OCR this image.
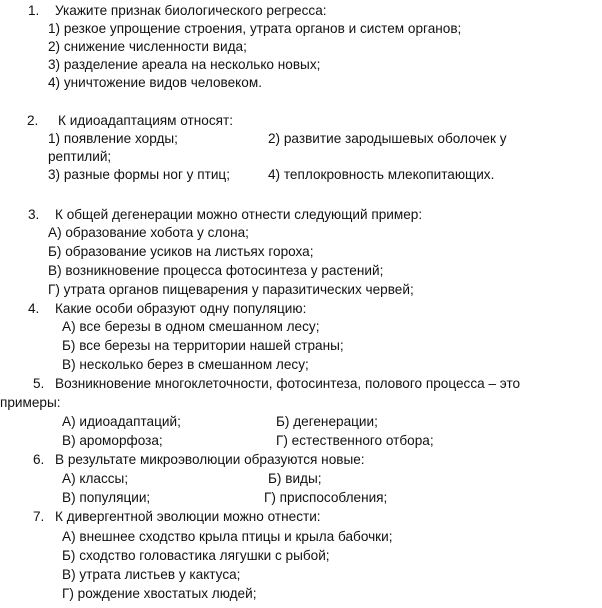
1. Укажите признак биологического регресса:
1) резкое упрощение строения, утрата органов и систем органов;
2) снижение численности вида;
3) разделение ареала на несколько новых;
4) уничтожение видов человеком.
2. К идиоадаптациям относят:
1) появление хорды;	2) развитие зародышевых оболочек у
рептилий;
3) разные формы ног у птиц;	4) теплокровность млекопитающих.
3. К общей дегенерации можно отнести следующий пример:
А) образование хобота у слона;
Б) образование усиков на листьях гороха;
В) возникновение процесса фотосинтеза у растений;
Г) утрата органов пищеварения у паразитических червей;
4. Какие особи образуют одну популяцию:
А) все березы в одном смешанном лесу;
Б) все березы на территории нашей страны;
В) несколько берез в смешанном лесу;
5. Возникновение многоклеточности, фотосинтеза, полового процесса – это
примеры:
А) идиоадаптаций;	Б) дегенерации;
В) ароморфоза;	Г) естественного отбора;
6. В результате микроэволюции образуются новые:
А) классы;	Б) виды;
В) популяции;	Г) приспособления;
7. К дивергентной эволюции можно отнести:
А) внешнее сходство крыла птицы и крыла бабочки;
Б) сходство головастика лягушки с рыбой;
В) утрата листьев у кактуса;
Г) рождение хвостатых людей;
